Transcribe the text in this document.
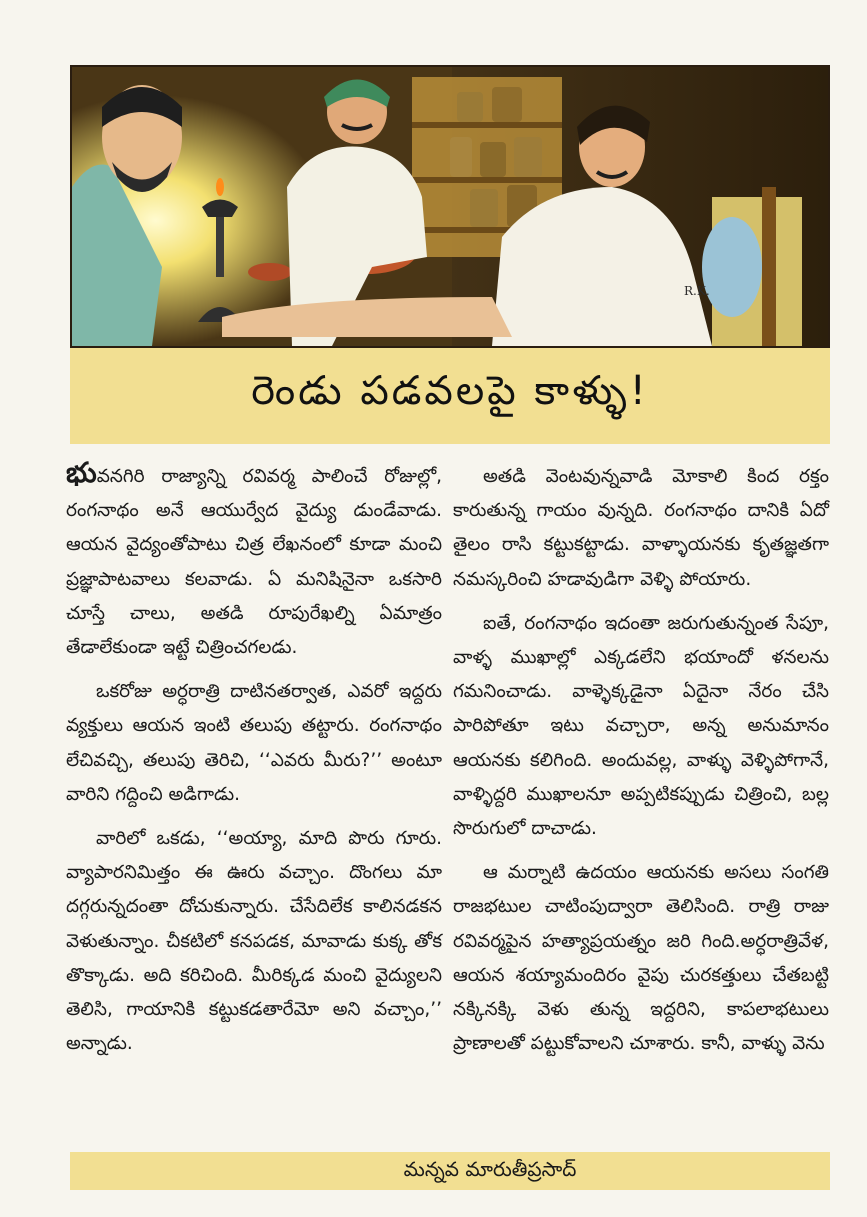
R.K.
రెండు పడవలపై కాళ్ళు!

భువనగిరి రాజ్యాన్ని రవివర్మ పాలించే రోజుల్లో, రంగనాథం అనే ఆయుర్వేద వైద్యు డుండేవాడు. ఆయన వైద్యంతోపాటు చిత్ర లేఖనంలో కూడా మంచి ప్రజ్ఞాపాటవాలు కలవాడు. ఏ మనిషినైనా ఒకసారి చూస్తే చాలు, అతడి రూపురేఖల్ని ఏమాత్రం తేడాలేకుండా ఇట్టే చిత్రించగలడు.

ఒకరోజు అర్ధరాత్రి దాటినతర్వాత, ఎవరో ఇద్దరు వ్యక్తులు ఆయన ఇంటి తలుపు తట్టారు. రంగనాథం లేచివచ్చి, తలుపు తెరిచి, ‘‘ఎవరు మీరు?’’ అంటూ వారిని గద్దించి అడిగాడు.

వారిలో ఒకడు, ‘‘అయ్యా, మాది పొరు గూరు. వ్యాపారనిమిత్తం ఈ ఊరు వచ్చాం. దొంగలు మా దగ్గరున్నదంతా దోచుకున్నారు. చేసేదిలేక కాలినడకన వెళుతున్నాం. చీకటిలో కనపడక, మావాడు కుక్క తోక తొక్కాడు. అది కరిచింది. మీరిక్కడ మంచి వైద్యులని తెలిసి, గాయానికి కట్టుకడతారేమో అని వచ్చాం,’’ అన్నాడు.

అతడి వెంటవున్నవాడి మోకాలి కింద రక్తం కారుతున్న గాయం వున్నది. రంగనాథం దానికి ఏదో తైలం రాసి కట్టుకట్టాడు. వాళ్ళాయనకు కృతజ్ఞతగా నమస్కరించి హడావుడిగా వెళ్ళి పోయారు.

ఐతే, రంగనాథం ఇదంతా జరుగుతున్నంత సేపూ, వాళ్ళ ముఖాల్లో ఎక్కడలేని భయాందో ళనలను గమనించాడు. వాళ్ళెక్కడైనా ఏదైనా నేరం చేసి పారిపోతూ ఇటు వచ్చారా, అన్న అనుమానం ఆయనకు కలిగింది. అందువల్ల, వాళ్ళు వెళ్ళిపోగానే, వాళ్ళిద్దరి ముఖాలనూ అప్పటికప్పుడు చిత్రించి, బల్ల సొరుగులో దాచాడు.

ఆ మర్నాటి ఉదయం ఆయనకు అసలు సంగతి రాజభటుల చాటింపుద్వారా తెలిసింది. రాత్రి రాజు రవివర్మపైన హత్యాప్రయత్నం జరి గింది.అర్ధరాత్రివేళ, ఆయన శయ్యామందిరం వైపు చురకత్తులు చేతబట్టి నక్కినక్కి వెళు తున్న ఇద్దరిని, కాపలాభటులు ప్రాణాలతో పట్టుకోవాలని చూశారు. కానీ, వాళ్ళు వెను

మన్నవ మారుతీప్రసాద్
